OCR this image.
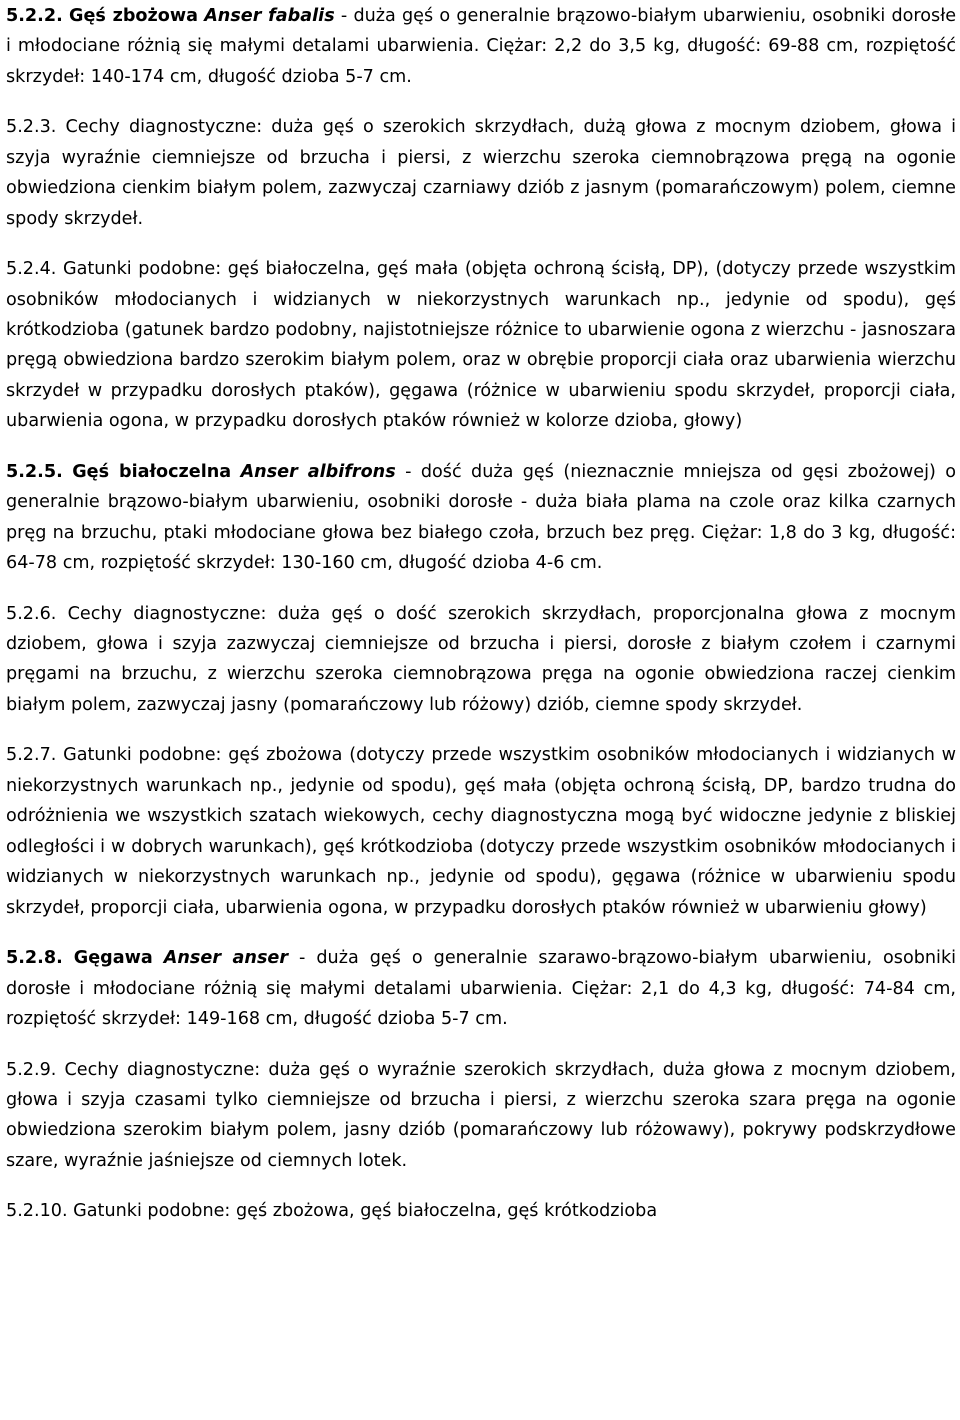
5.2.2. Gęś zbożowa Anser fabalis - duża gęś o generalnie brązowo-białym ubarwieniu, osobniki dorosłe i młodociane różnią się małymi detalami ubarwienia. Ciężar: 2,2 do 3,5 kg, długość: 69-88 cm, rozpiętość skrzydeł: 140-174 cm, długość dzioba 5-7 cm.

5.2.3. Cechy diagnostyczne: duża gęś o szerokich skrzydłach, dużą głowa z mocnym dziobem, głowa i szyja wyraźnie ciemniejsze od brzucha i piersi, z wierzchu szeroka ciemnobrązowa pręgą na ogonie obwiedziona cienkim białym polem, zazwyczaj czarniawy dziób z jasnym (pomarańczowym) polem, ciemne spody skrzydeł.

5.2.4. Gatunki podobne: gęś białoczelna, gęś mała (objęta ochroną ścisłą, DP), (dotyczy przede wszystkim osobników młodocianych i widzianych w niekorzystnych warunkach np., jedynie od spodu), gęś krótkodzioba (gatunek bardzo podobny, najistotniejsze różnice to ubarwienie ogona z wierzchu - jasnoszara pręgą obwiedziona bardzo szerokim białym polem, oraz w obrębie proporcji ciała oraz ubarwienia wierzchu skrzydeł w przypadku dorosłych ptaków), gęgawa (różnice w ubarwieniu spodu skrzydeł, proporcji ciała, ubarwienia ogona, w przypadku dorosłych ptaków również w kolorze dzioba, głowy)

5.2.5. Gęś białoczelna Anser albifrons - dość duża gęś (nieznacznie mniejsza od gęsi zbożowej) o generalnie brązowo-białym ubarwieniu, osobniki dorosłe - duża biała plama na czole oraz kilka czarnych pręg na brzuchu, ptaki młodociane głowa bez białego czoła, brzuch bez pręg. Ciężar: 1,8 do 3 kg, długość: 64-78 cm, rozpiętość skrzydeł: 130-160 cm, długość dzioba 4-6 cm.

5.2.6. Cechy diagnostyczne: duża gęś o dość szerokich skrzydłach, proporcjonalna głowa z mocnym dziobem, głowa i szyja zazwyczaj ciemniejsze od brzucha i piersi, dorosłe z białym czołem i czarnymi pręgami na brzuchu, z wierzchu szeroka ciemnobrązowa pręga na ogonie obwiedziona raczej cienkim białym polem, zazwyczaj jasny (pomarańczowy lub różowy) dziób, ciemne spody skrzydeł.

5.2.7. Gatunki podobne: gęś zbożowa (dotyczy przede wszystkim osobników młodocianych i widzianych w niekorzystnych warunkach np., jedynie od spodu), gęś mała (objęta ochroną ścisłą, DP, bardzo trudna do odróżnienia we wszystkich szatach wiekowych, cechy diagnostyczna mogą być widoczne jedynie z bliskiej odległości i w dobrych warunkach), gęś krótkodzioba (dotyczy przede wszystkim osobników młodocianych i widzianych w niekorzystnych warunkach np., jedynie od spodu), gęgawa (różnice w ubarwieniu spodu skrzydeł, proporcji ciała, ubarwienia ogona, w przypadku dorosłych ptaków również w ubarwieniu głowy)

5.2.8. Gęgawa Anser anser - duża gęś o generalnie szarawo-brązowo-białym ubarwieniu, osobniki dorosłe i młodociane różnią się małymi detalami ubarwienia. Ciężar: 2,1 do 4,3 kg, długość: 74-84 cm, rozpiętość skrzydeł: 149-168 cm, długość dzioba 5-7 cm.

5.2.9. Cechy diagnostyczne: duża gęś o wyraźnie szerokich skrzydłach, duża głowa z mocnym dziobem, głowa i szyja czasami tylko ciemniejsze od brzucha i piersi, z wierzchu szeroka szara pręga na ogonie obwiedziona szerokim białym polem, jasny dziób (pomarańczowy lub różowawy), pokrywy podskrzydłowe szare, wyraźnie jaśniejsze od ciemnych lotek.

5.2.10. Gatunki podobne: gęś zbożowa, gęś białoczelna, gęś krótkodzioba
